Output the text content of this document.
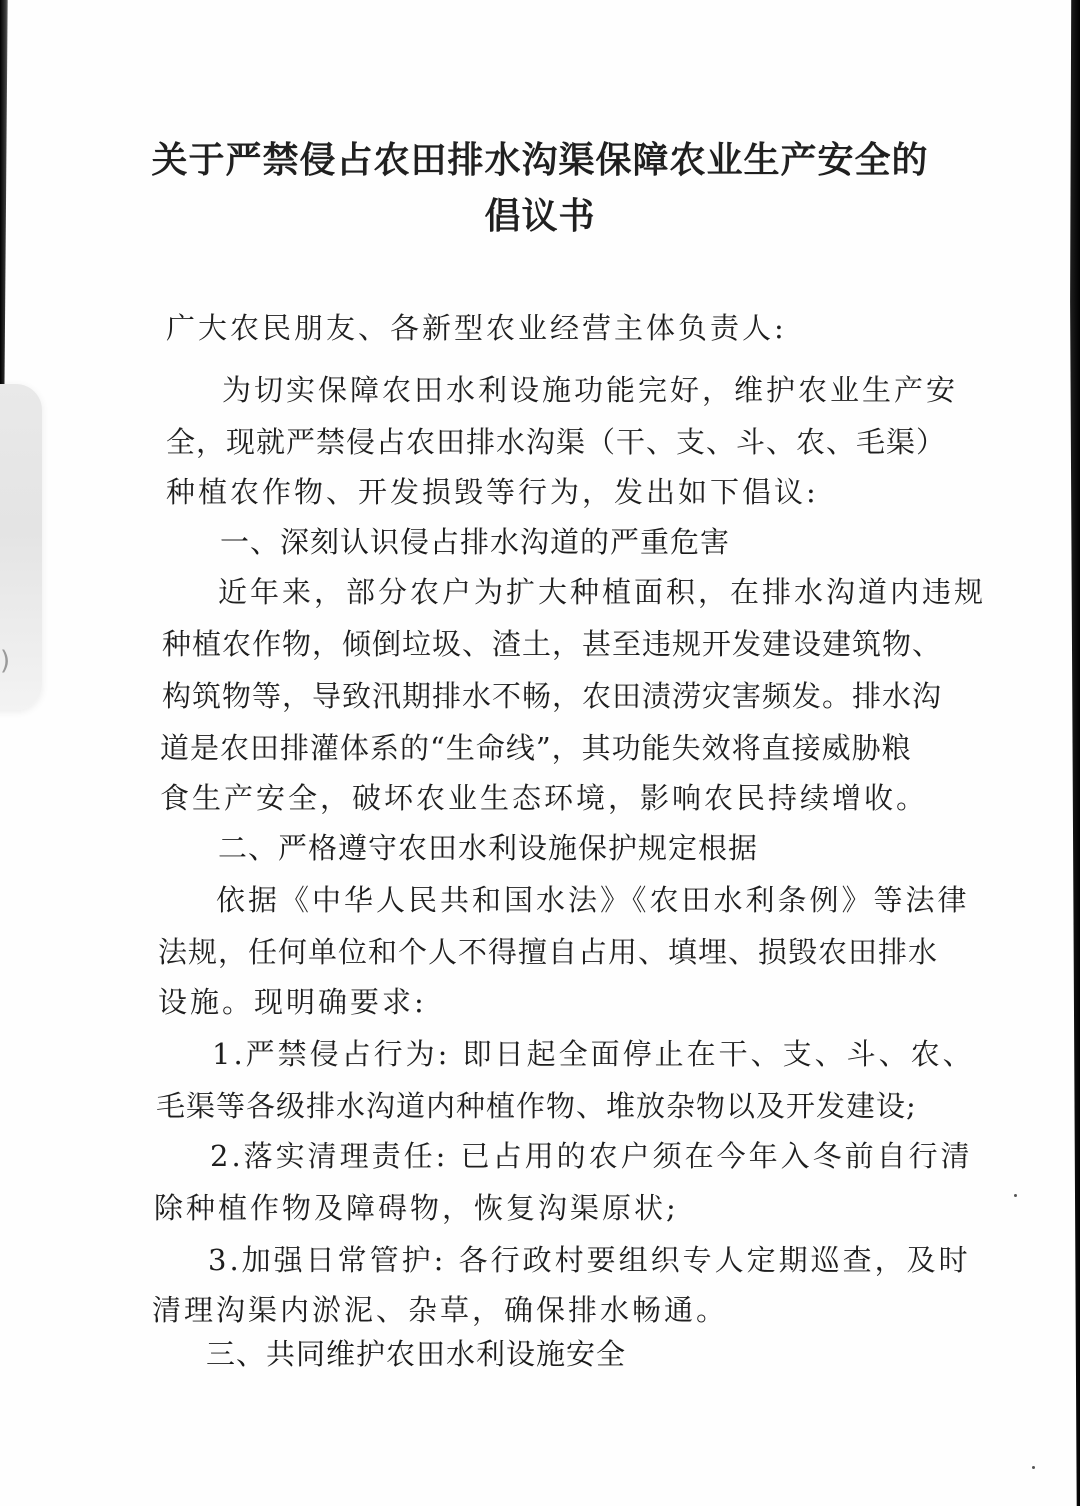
)
关于严禁侵占农田排水沟渠保障农业生产安全的
倡议书
广大农民朋友、各新型农业经营主体负责人:
为切实保障农田水利设施功能完好，维护农业生产安
全，现就严禁侵占农田排水沟渠（干、支、斗、农、毛渠）
种植农作物、开发损毁等行为，发出如下倡议:
一、深刻认识侵占排水沟道的严重危害
近年来，部分农户为扩大种植面积，在排水沟道内违规
种植农作物，倾倒垃圾、渣土，甚至违规开发建设建筑物、
构筑物等，导致汛期排水不畅，农田渍涝灾害频发。排水沟
道是农田排灌体系的“生命线”，其功能失效将直接威胁粮
食生产安全，破坏农业生态环境，影响农民持续增收。
二、严格遵守农田水利设施保护规定根据
依据《中华人民共和国水法》《农田水利条例》等法律
法规，任何单位和个人不得擅自占用、填埋、损毁农田排水
设施。现明确要求:
1.严禁侵占行为: 即日起全面停止在干、支、斗、农、
毛渠等各级排水沟道内种植作物、堆放杂物以及开发建设;
2.落实清理责任: 已占用的农户须在今年入冬前自行清
除种植作物及障碍物，恢复沟渠原状;
3.加强日常管护: 各行政村要组织专人定期巡查，及时
清理沟渠内淤泥、杂草，确保排水畅通。
三、共同维护农田水利设施安全
